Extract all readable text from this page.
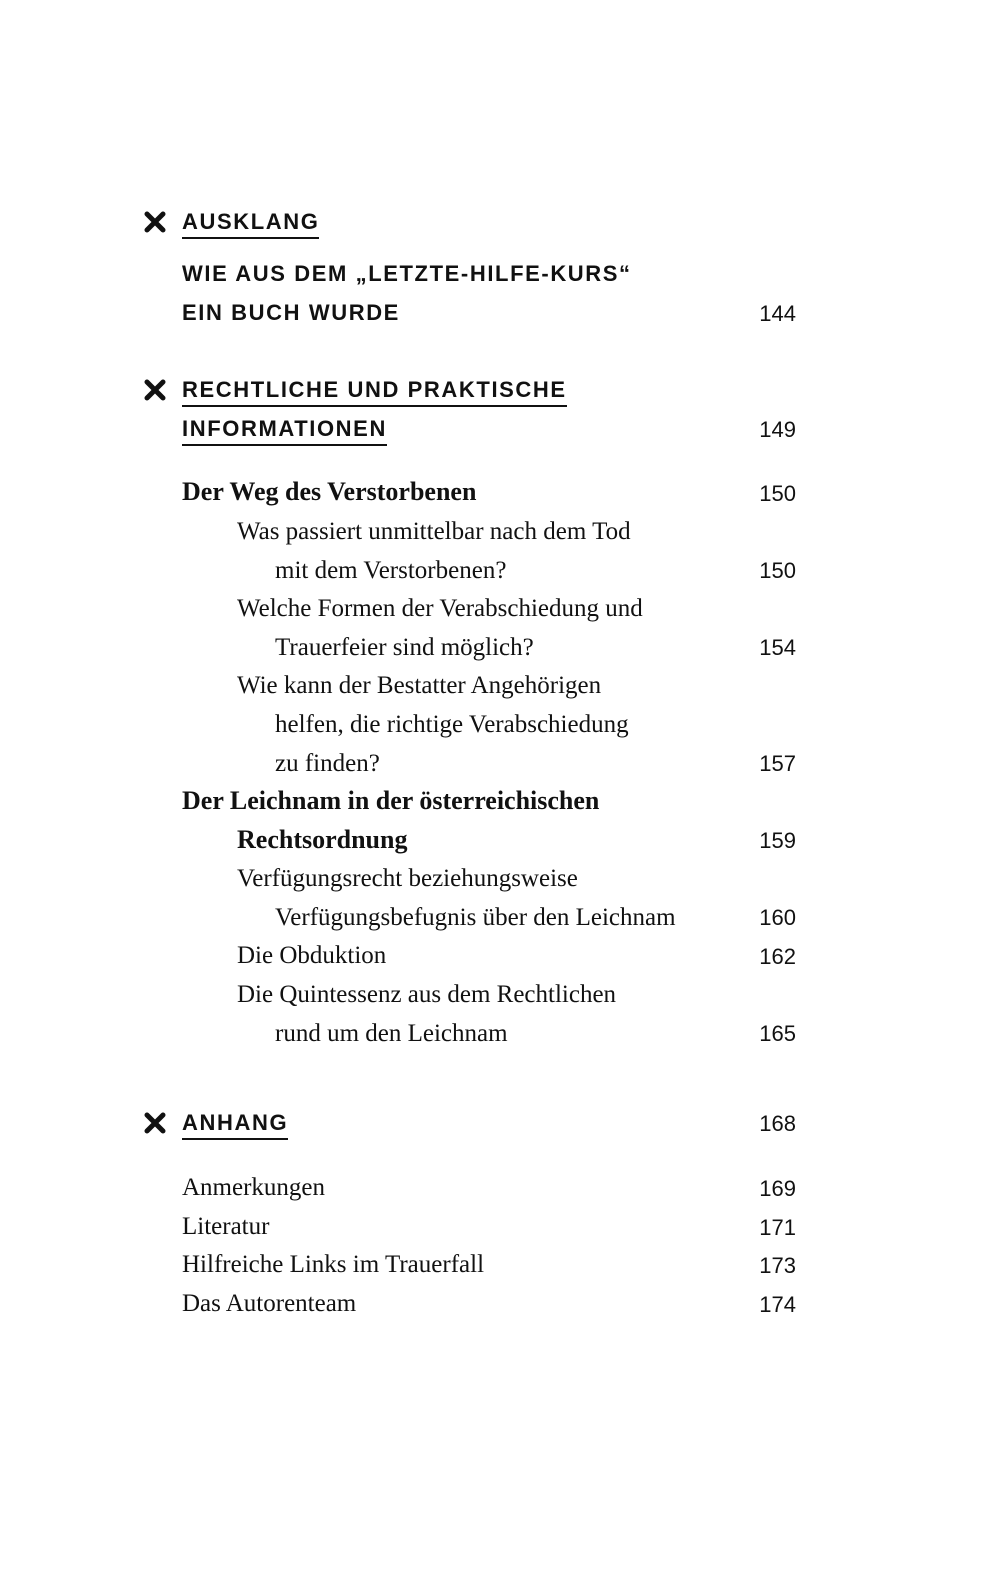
AUSKLANG
WIE AUS DEM „LETZTE-HILFE-KURS“
EIN BUCH WURDE	144
RECHTLICHE UND PRAKTISCHE
INFORMATIONEN	149
Der Weg des Verstorbenen	150
Was passiert unmittelbar nach dem Tod
mit dem Verstorbenen?	150
Welche Formen der Verabschiedung und
Trauerfeier sind möglich?	154
Wie kann der Bestatter Angehörigen
helfen, die richtige Verabschiedung
zu finden?	157
Der Leichnam in der österreichischen
Rechtsordnung	159
Verfügungsrecht beziehungsweise
Verfügungsbefugnis über den Leichnam	160
Die Obduktion	162
Die Quintessenz aus dem Rechtlichen
rund um den Leichnam	165
ANHANG	168
Anmerkungen	169
Literatur	171
Hilfreiche Links im Trauerfall	173
Das Autorenteam	174
